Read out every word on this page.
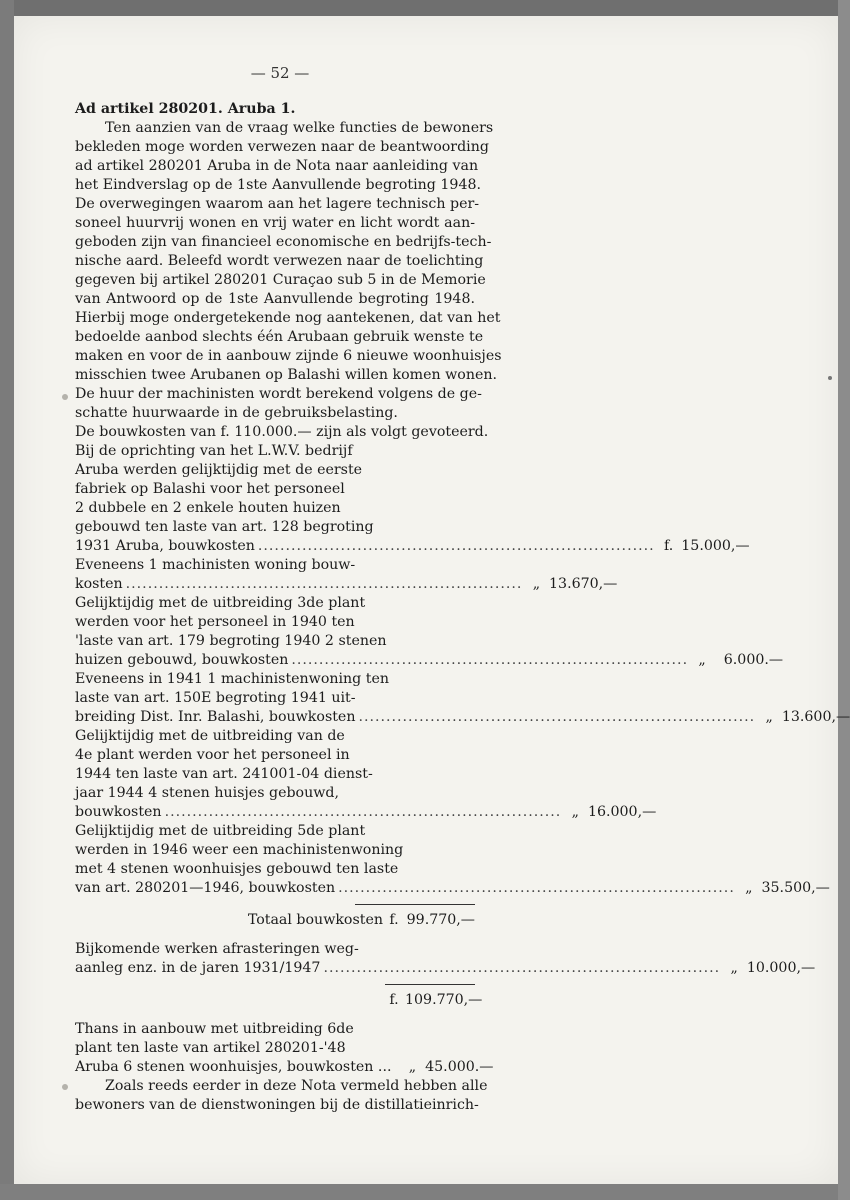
— 52 —
Ad artikel 280201. Aruba 1.
Ten aanzien van de vraag welke functies de bewoners
bekleden moge worden verwezen naar de beantwoording
ad artikel 280201 Aruba in de Nota naar aanleiding van
het Eindverslag op de 1ste Aanvullende begroting 1948.
De overwegingen waarom aan het lagere technisch per-
soneel huurvrij wonen en vrij water en licht wordt aan-
geboden zijn van financieel economische en bedrijfs-tech-
nische aard. Beleefd wordt verwezen naar de toelichting
gegeven bij artikel 280201 Curaçao sub 5 in de Memorie
van Antwoord op de 1ste Aanvullende begroting 1948.
Hierbij moge ondergetekende nog aantekenen, dat van het
bedoelde aanbod slechts één Arubaan gebruik wenste te
maken en voor de in aanbouw zijnde 6 nieuwe woonhuisjes
misschien twee Arubanen op Balashi willen komen wonen.
De huur der machinisten wordt berekend volgens de ge-
schatte huurwaarde in de gebruiksbelasting.
De bouwkosten van f. 110.000.— zijn als volgt gevoteerd.
Bij de oprichting van het L.W.V. bedrijf
Aruba werden gelijktijdig met de eerste
fabriek op Balashi voor het personeel
2 dubbele en 2 enkele houten huizen
gebouwd ten laste van art. 128 begroting
1931 Aruba, bouwkosten ........................................................................ f. 15.000,—
Eveneens 1 machinisten woning bouw-
kosten ........................................................................ „ 13.670,—
Gelijktijdig met de uitbreiding 3de plant
werden voor het personeel in 1940 ten
'laste van art. 179 begroting 1940 2 stenen
huizen gebouwd, bouwkosten ........................................................................ „	6.000.—
Eveneens in 1941 1 machinistenwoning ten
laste van art. 150E begroting 1941 uit-
breiding Dist. Inr. Balashi, bouwkosten ........................................................................ „ 13.600,—
Gelijktijdig met de uitbreiding van de
4e plant werden voor het personeel in
1944 ten laste van art. 241001-04 dienst-
jaar 1944 4 stenen huisjes gebouwd,
bouwkosten ........................................................................ „ 16.000,—
Gelijktijdig met de uitbreiding 5de plant
werden in 1946 weer een machinistenwoning
met 4 stenen woonhuisjes gebouwd ten laste
van art. 280201—1946, bouwkosten ........................................................................ „ 35.500,—
Totaal bouwkosten f. 99.770,—
Bijkomende werken afrasteringen weg-
aanleg enz. in de jaren 1931/1947 ........................................................................ „ 10.000,—
f. 109.770,—
Thans in aanbouw met uitbreiding 6de
plant ten laste van artikel 280201-'48
Aruba 6 stenen woonhuisjes, bouwkosten ...	„ 45.000.—
Zoals reeds eerder in deze Nota vermeld hebben alle
bewoners van de dienstwoningen bij de distillatieinrich-
